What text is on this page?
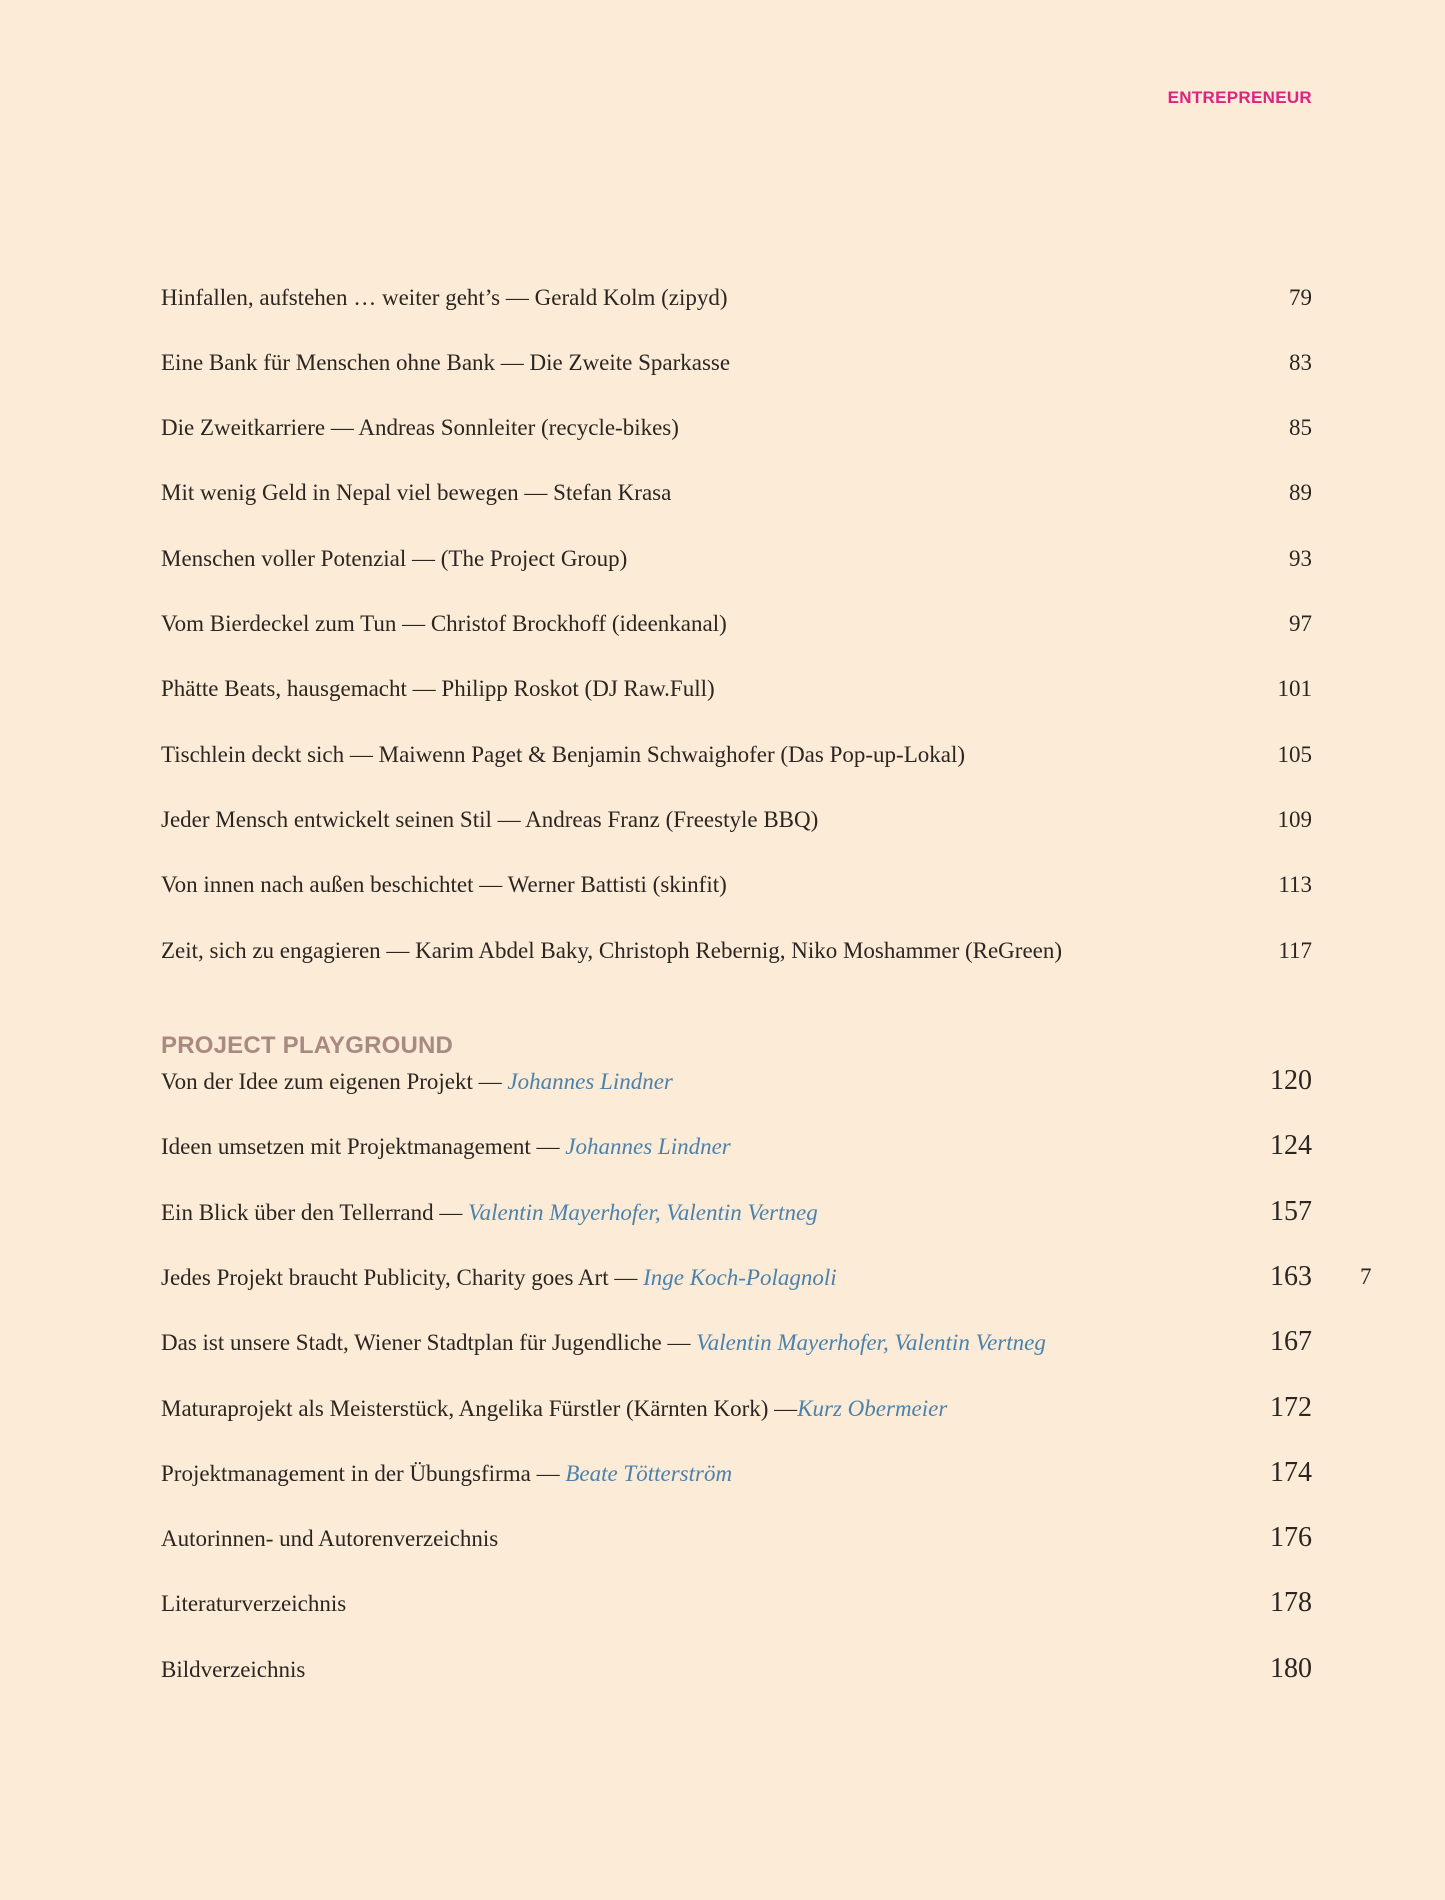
ENTREPRENEUR
Hinfallen, aufstehen … weiter geht’s — Gerald Kolm (zipyd)	79
Eine Bank für Menschen ohne Bank — Die Zweite Sparkasse	83
Die Zweitkarriere — Andreas Sonnleiter (recycle-bikes)	85
Mit wenig Geld in Nepal viel bewegen — Stefan Krasa	89
Menschen voller Potenzial — (The Project Group)	93
Vom Bierdeckel zum Tun — Christof Brockhoff (ideenkanal)	97
Phätte Beats, hausgemacht — Philipp Roskot (DJ Raw.Full)	101
Tischlein deckt sich — Maiwenn Paget & Benjamin Schwaighofer (Das Pop-up-Lokal)	105
Jeder Mensch entwickelt seinen Stil — Andreas Franz (Freestyle BBQ)	109
Von innen nach außen beschichtet — Werner Battisti (skinfit)	113
Zeit, sich zu engagieren — Karim Abdel Baky, Christoph Rebernig, Niko Moshammer (ReGreen)	117
PROJECT PLAYGROUND
Von der Idee zum eigenen Projekt — Johannes Lindner	120
Ideen umsetzen mit Projektmanagement — Johannes Lindner	124
Ein Blick über den Tellerrand — Valentin Mayerhofer, Valentin Vertneg	157
Jedes Projekt braucht Publicity, Charity goes Art — Inge Koch-Polagnoli	163
Das ist unsere Stadt, Wiener Stadtplan für Jugendliche — Valentin Mayerhofer, Valentin Vertneg	167
Maturaprojekt als Meisterstück, Angelika Fürstler (Kärnten Kork) —Kurz Obermeier	172
Projektmanagement in der Übungsfirma — Beate Tötterström	174
Autorinnen- und Autorenverzeichnis	176
Literaturverzeichnis	178
Bildverzeichnis	180
7
